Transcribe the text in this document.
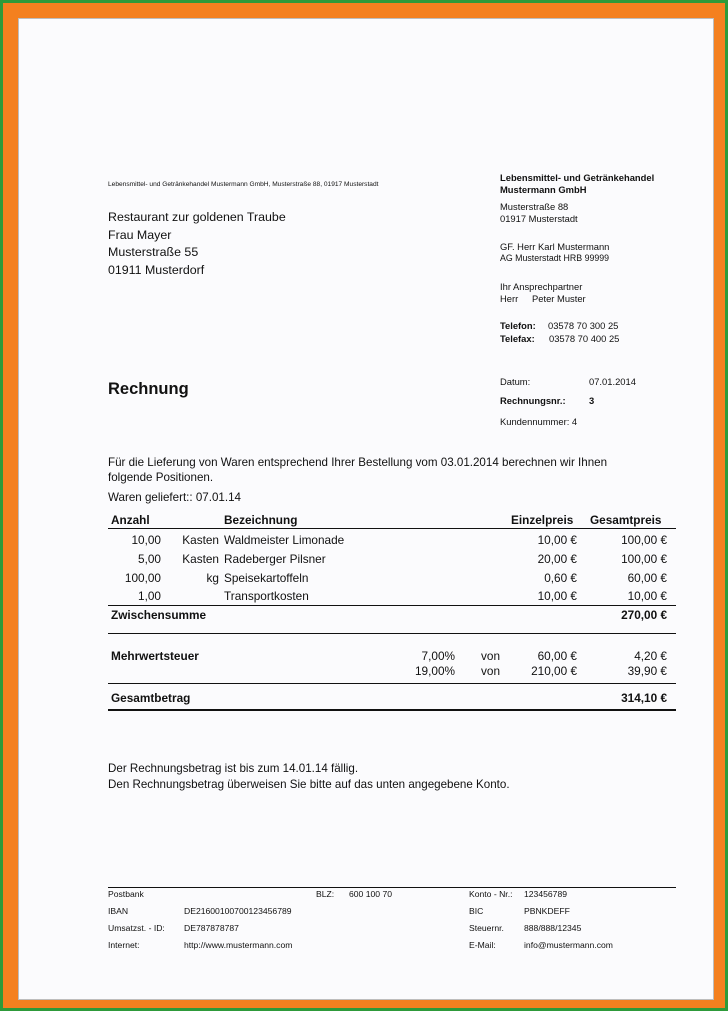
Lebensmittel- und Getränkehandel Mustermann GmbH, Musterstraße 88, 01917 Musterstadt
Restaurant zur goldenen Traube
Frau Mayer
Musterstraße 55
01911 Musterdorf
Lebensmittel- und Getränkehandel
Mustermann GmbH
Musterstraße 88
01917 Musterstadt
GF. Herr Karl Mustermann
AG Musterstadt HRB 99999
Ihr Ansprechpartner
Herr Peter Muster
Telefon: 03578 70 300 25
Telefax: 03578 70 400 25
Rechnung	Datum:	07.01.2014
Rechnungsnr.: 3
Kundennummer: 4
Für die Lieferung von Waren entsprechend Ihrer Bestellung vom 03.01.2014 berechnen wir Ihnen
folgende Positionen.
Waren geliefert:: 07.01.14
Anzahl	Bezeichnung	Einzelpreis Gesamtpreis
10,00	Kasten Waldmeister Limonade	10,00 €	100,00 €
5,00	Kasten Radeberger Pilsner	20,00 €	100,00 €
100,00	kg Speisekartoffeln	0,60 €	60,00 €
1,00	Transportkosten	10,00 €	10,00 €
Zwischensumme	270,00 €
Mehrwertsteuer	7,00% von	60,00 €	4,20 €
19,00% von	210,00 €	39,90 €
Gesamtbetrag	314,10 €
Der Rechnungsbetrag ist bis zum 14.01.14 fällig.
Den Rechnungsbetrag überweisen Sie bitte auf das unten angegebene Konto.
Postbank	BLZ: 600 100 70	Konto - Nr.: 123456789
IBAN	DE21600100700123456789	BIC	PBNKDEFF
Umsatzst. - ID: DE787878787	Steuernr. 888/888/12345
Internet:	http://www.mustermann.com	E-Mail:	info@mustermann.com
